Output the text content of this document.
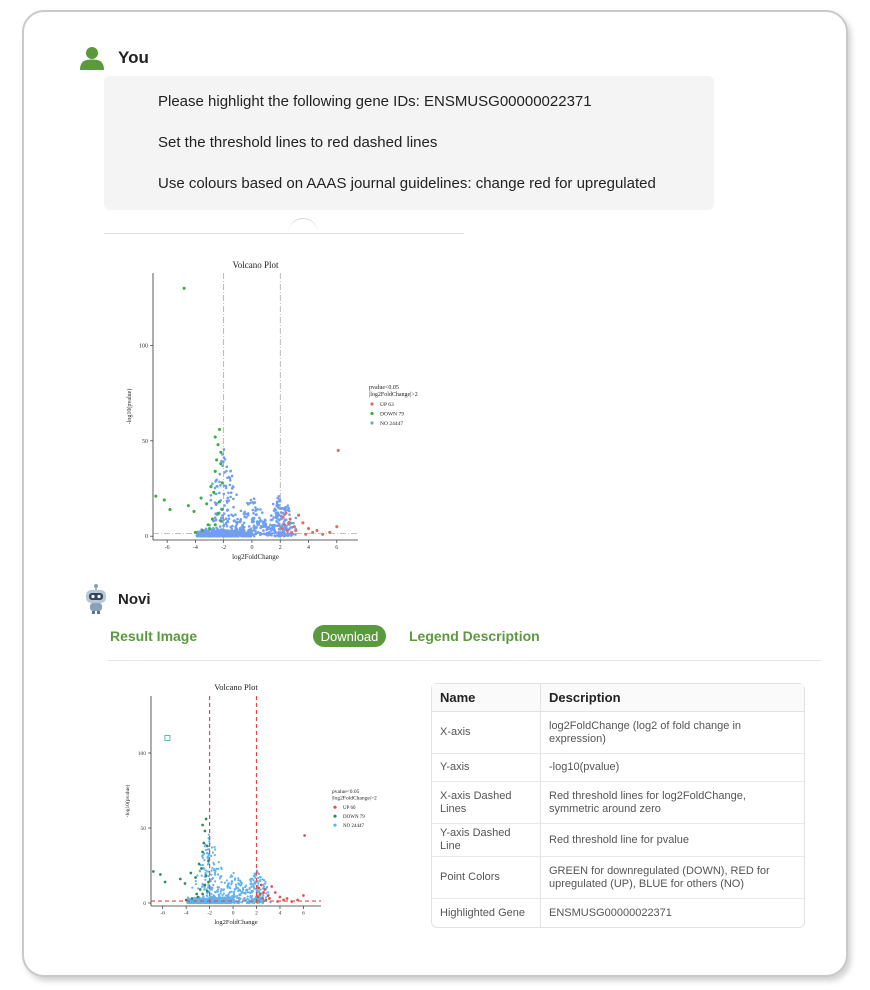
You
Please highlight the following gene IDs: ENSMUSG00000022371
Set the threshold lines to red dashed lines
Use colours based on AAAS journal guidelines: change red for upregulated
Volcano Plot
-6	-4	-2	0	2	4	6
0
50
100
log2FoldChange
-log10(pvalue)
pvalue<0.05
|log2FoldChange|>2
UP 63
DOWN 79
NO 24447
Novi
Result Image	Download	Legend Description
Volcano Plot
-6	-4	-2	0	2	4	6
0
50
100
log2FoldChange
-log10(pvalue)	pvalue<0.05
|log2FoldChange|>2
UP 60
DOWN 79
NO 24447
Name	Description
X-axis	log2FoldChange (log2 of fold change in expression)
Y-axis	-log10(pvalue)
X-axis Dashed Lines	Red threshold lines for log2FoldChange, symmetric around zero
Y-axis Dashed Line	Red threshold line for pvalue
Point Colors	GREEN for downregulated (DOWN), RED for upregulated (UP), BLUE for others (NO)
Highlighted Gene	ENSMUSG00000022371
